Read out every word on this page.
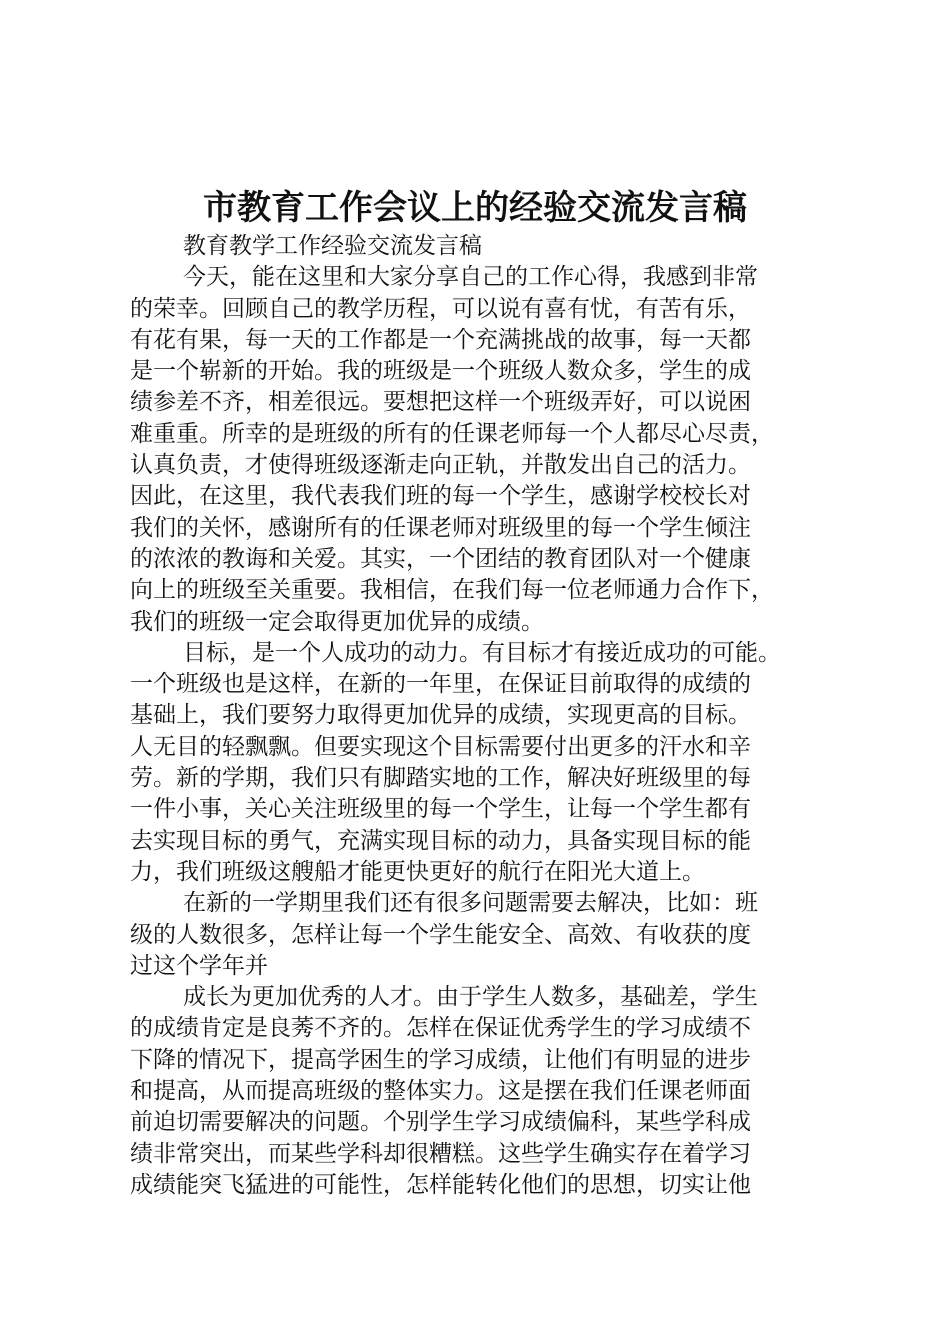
市教育工作会议上的经验交流发言稿
教育教学工作经验交流发言稿
今天，能在这里和大家分享自己的工作心得，我感到非常
的荣幸。回顾自己的教学历程，可以说有喜有忧，有苦有乐，
有花有果，每一天的工作都是一个充满挑战的故事，每一天都
是一个崭新的开始。我的班级是一个班级人数众多，学生的成
绩参差不齐，相差很远。要想把这样一个班级弄好，可以说困
难重重。所幸的是班级的所有的任课老师每一个人都尽心尽责，
认真负责，才使得班级逐渐走向正轨，并散发出自己的活力。
因此，在这里，我代表我们班的每一个学生，感谢学校校长对
我们的关怀，感谢所有的任课老师对班级里的每一个学生倾注
的浓浓的教诲和关爱。其实，一个团结的教育团队对一个健康
向上的班级至关重要。我相信，在我们每一位老师通力合作下，
我们的班级一定会取得更加优异的成绩。
目标，是一个人成功的动力。有目标才有接近成功的可能。
一个班级也是这样，在新的一年里，在保证目前取得的成绩的
基础上，我们要努力取得更加优异的成绩，实现更高的目标。
人无目的轻飘飘。但要实现这个目标需要付出更多的汗水和辛
劳。新的学期，我们只有脚踏实地的工作，解决好班级里的每
一件小事，关心关注班级里的每一个学生，让每一个学生都有
去实现目标的勇气，充满实现目标的动力，具备实现目标的能
力，我们班级这艘船才能更快更好的航行在阳光大道上。
在新的一学期里我们还有很多问题需要去解决，比如：班
级的人数很多，怎样让每一个学生能安全、高效、有收获的度
过这个学年并
成长为更加优秀的人才。由于学生人数多，基础差，学生
的成绩肯定是良莠不齐的。怎样在保证优秀学生的学习成绩不
下降的情况下，提高学困生的学习成绩，让他们有明显的进步
和提高，从而提高班级的整体实力。这是摆在我们任课老师面
前迫切需要解决的问题。个别学生学习成绩偏科，某些学科成
绩非常突出，而某些学科却很糟糕。这些学生确实存在着学习
成绩能突飞猛进的可能性，怎样能转化他们的思想，切实让他
